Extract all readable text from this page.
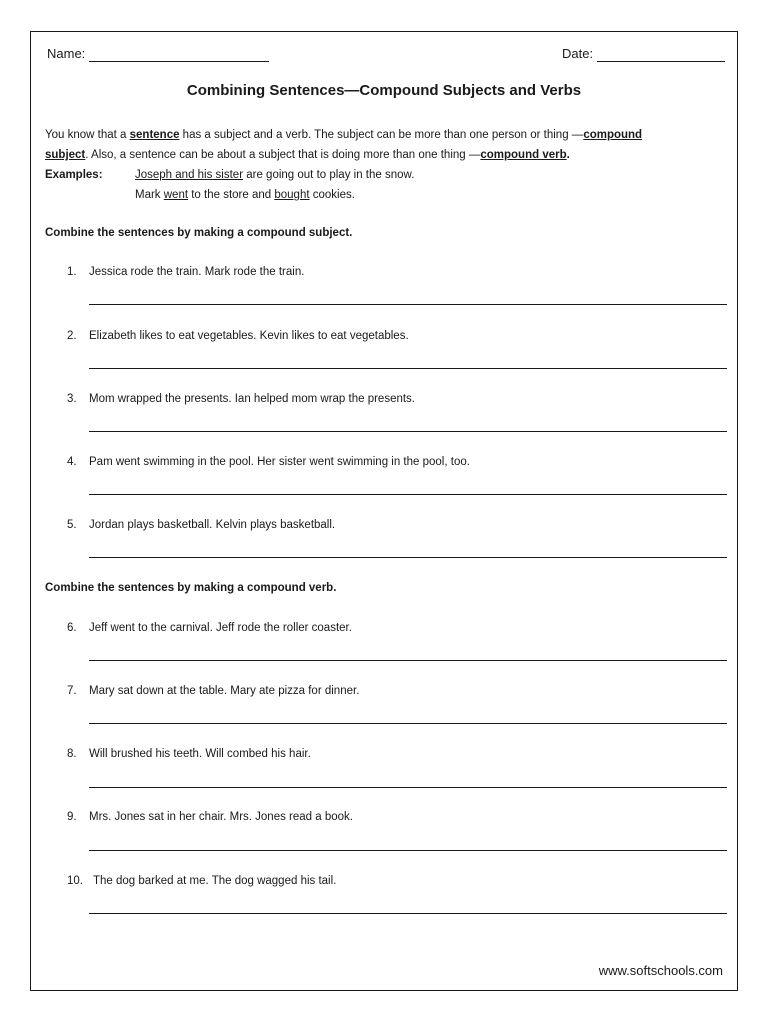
Name:	Date:
Combining Sentences—Compound Subjects and Verbs
You know that a sentence has a subject and a verb. The subject can be more than one person or thing —compound
subject. Also, a sentence can be about a subject that is doing more than one thing —compound verb.
Examples:	Joseph and his sister are going out to play in the snow.
Mark went to the store and bought cookies.
Combine the sentences by making a compound subject.
1. Jessica rode the train. Mark rode the train.
2. Elizabeth likes to eat vegetables. Kevin likes to eat vegetables.
3. Mom wrapped the presents. Ian helped mom wrap the presents.
4. Pam went swimming in the pool. Her sister went swimming in the pool, too.
5. Jordan plays basketball. Kelvin plays basketball.
Combine the sentences by making a compound verb.
6. Jeff went to the carnival. Jeff rode the roller coaster.
7. Mary sat down at the table. Mary ate pizza for dinner.
8. Will brushed his teeth. Will combed his hair.
9. Mrs. Jones sat in her chair. Mrs. Jones read a book.
10. The dog barked at me. The dog wagged his tail.
www.softschools.com
